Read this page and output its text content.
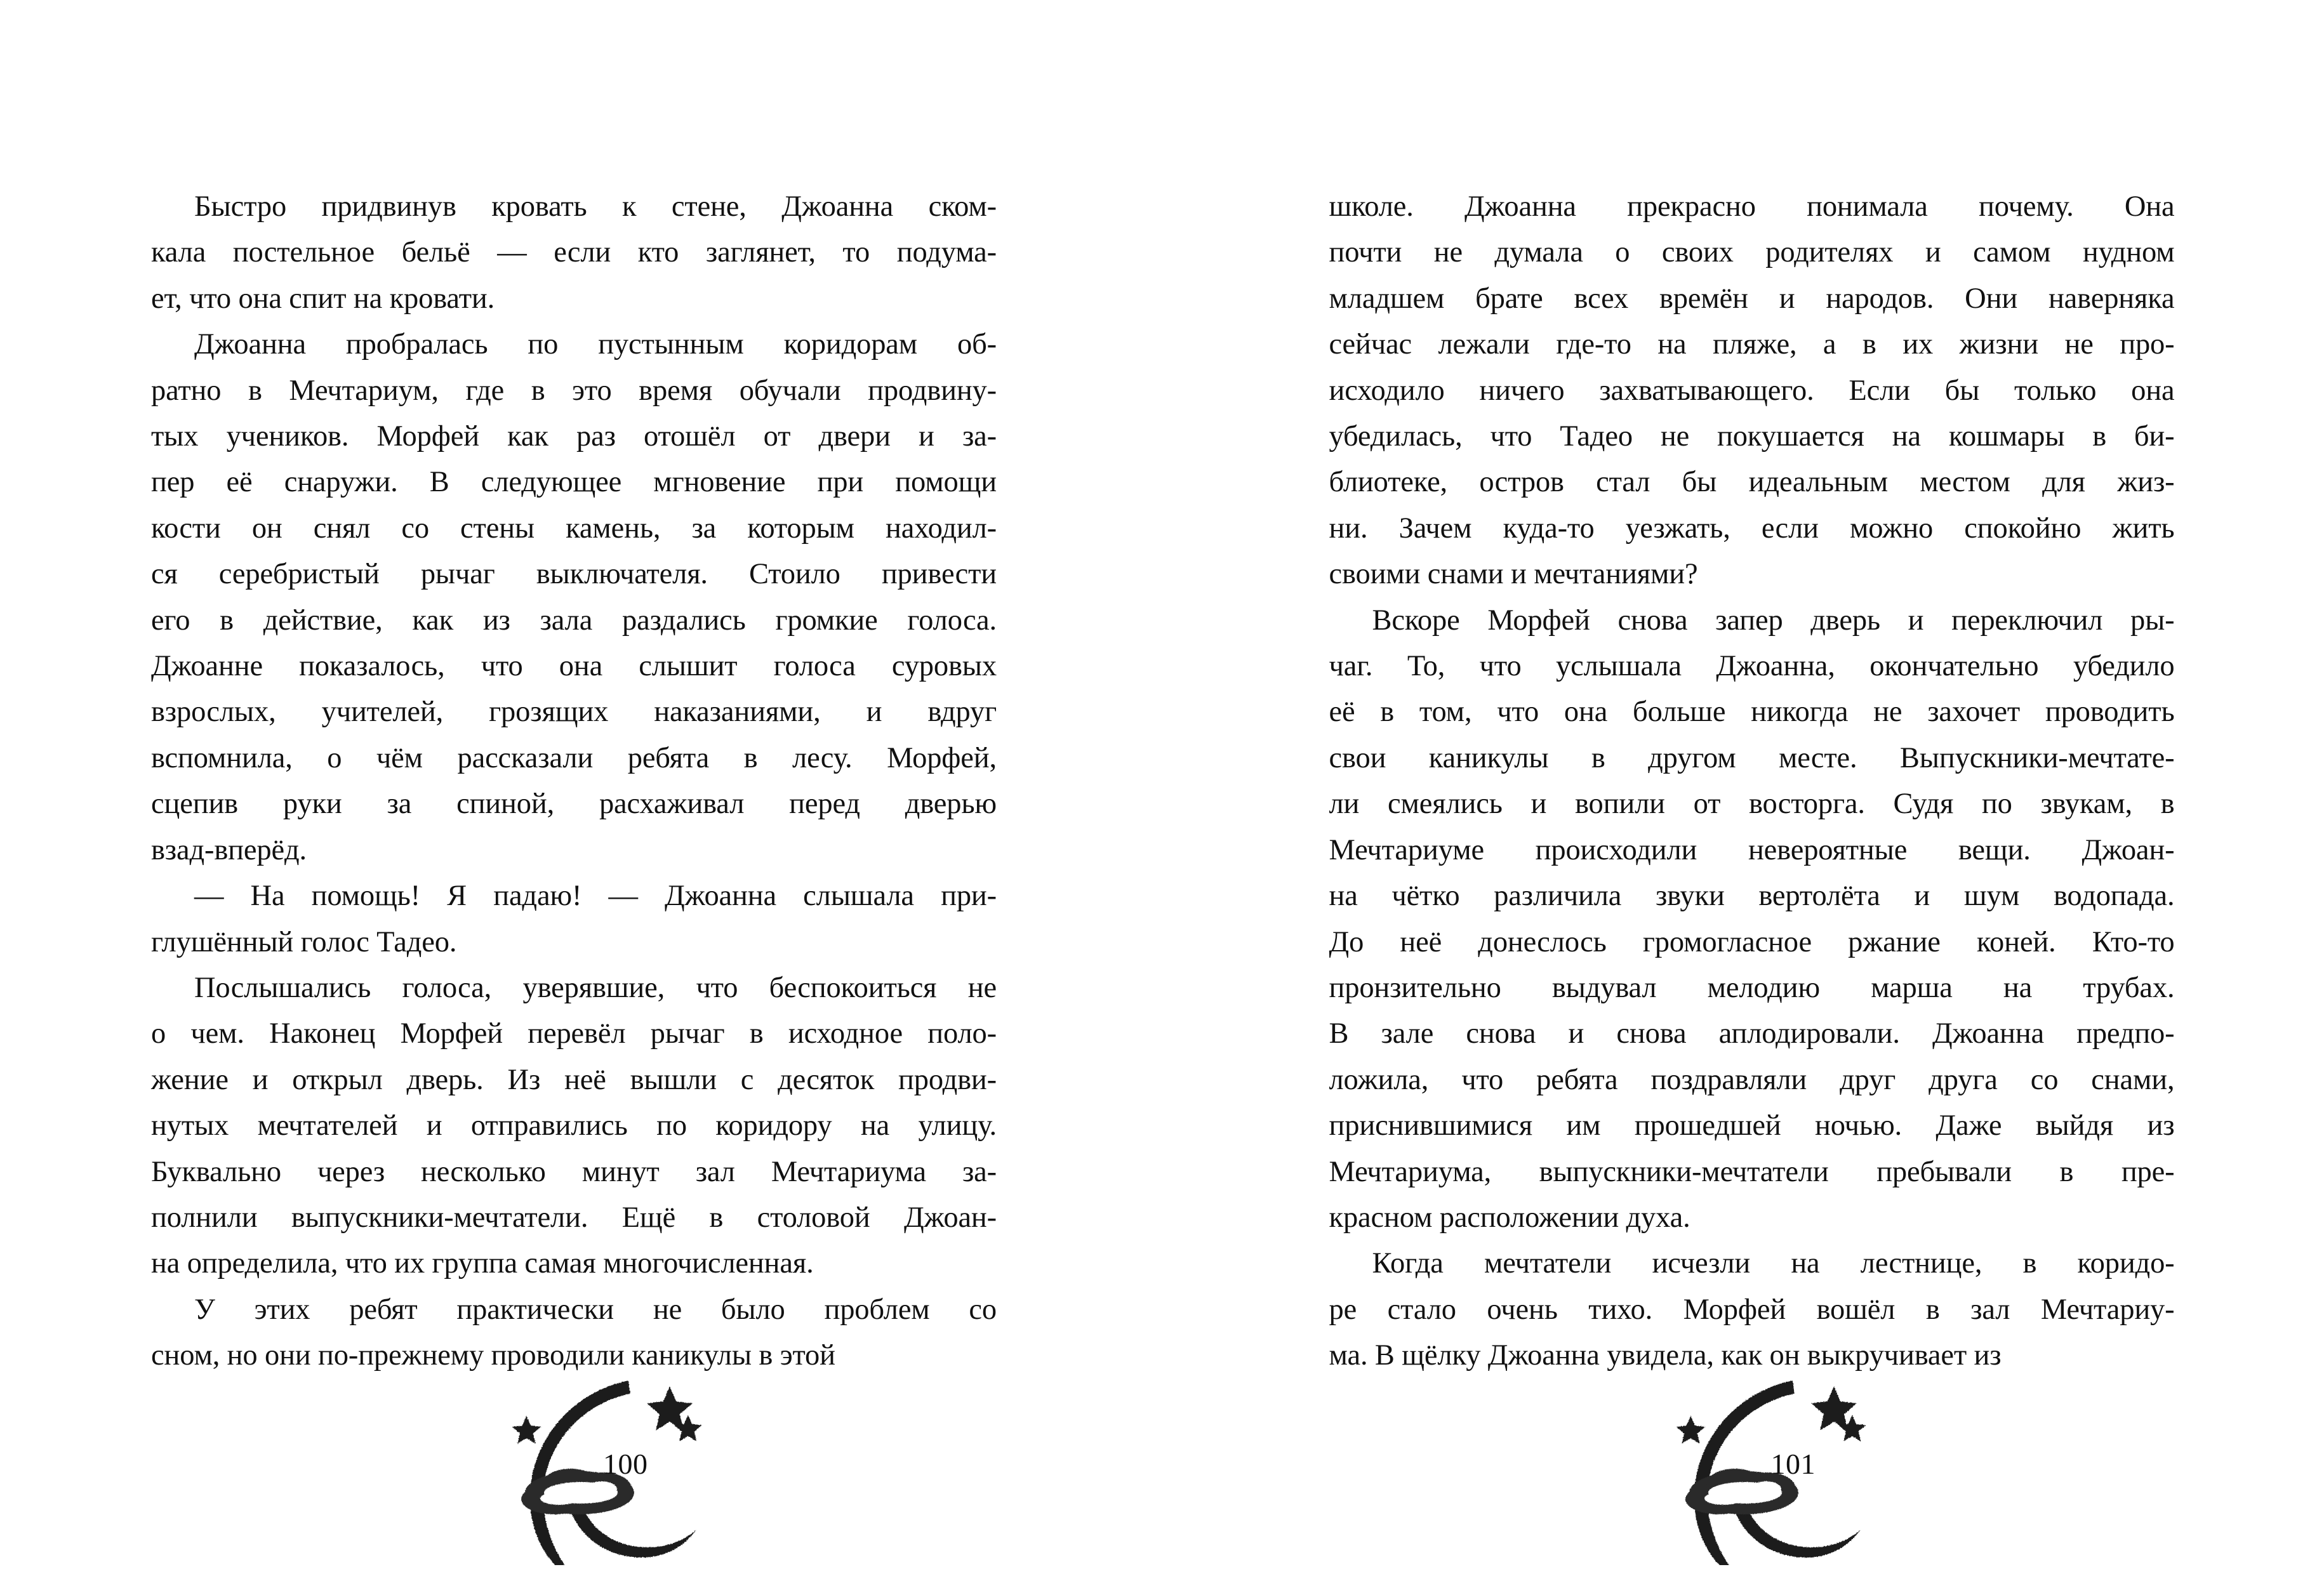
Быстро придвинув кровать к стене, Джоанна ском-
кала постельное бельё — если кто заглянет, то подума-
ет, что она спит на кровати.

Джоанна пробралась по пустынным коридорам об-
ратно в Мечтариум, где в это время обучали продвину-
тых учеников. Морфей как раз отошёл от двери и за-
пер её снаружи. В следующее мгновение при помощи
кости он снял со стены камень, за которым находил-
ся серебристый рычаг выключателя. Стоило привести
его в действие, как из зала раздались громкие голоса.
Джоанне показалось, что она слышит голоса суровых
взрослых, учителей, грозящих наказаниями, и вдруг
вспомнила, о чём рассказали ребята в лесу. Морфей,
сцепив руки за спиной, расхаживал перед дверью
взад-вперёд.

— На помощь! Я падаю! — Джоанна слышала при-
глушённый голос Тадео.

Послышались голоса, уверявшие, что беспокоиться не
о чем. Наконец Морфей перевёл рычаг в исходное поло-
жение и открыл дверь. Из неё вышли с десяток продви-
нутых мечтателей и отправились по коридору на улицу.
Буквально через несколько минут зал Мечтариума за-
полнили выпускники-мечтатели. Ещё в столовой Джоан-
на определила, что их группа самая многочисленная.

У этих ребят практически не было проблем со
сном, но они по-прежнему проводили каникулы в этой

100

школе. Джоанна прекрасно понимала почему. Она
почти не думала о своих родителях и самом нудном
младшем брате всех времён и народов. Они наверняка
сейчас лежали где-то на пляже, а в их жизни не про-
исходило ничего захватывающего. Если бы только она
убедилась, что Тадео не покушается на кошмары в би-
блиотеке, остров стал бы идеальным местом для жиз-
ни. Зачем куда-то уезжать, если можно спокойно жить
своими снами и мечтаниями?

Вскоре Морфей снова запер дверь и переключил ры-
чаг. То, что услышала Джоанна, окончательно убедило
её в том, что она больше никогда не захочет проводить
свои каникулы в другом месте. Выпускники-мечтате-
ли смеялись и вопили от восторга. Судя по звукам, в
Мечтариуме происходили невероятные вещи. Джоан-
на чётко различила звуки вертолёта и шум водопада.
До неё донеслось громогласное ржание коней. Кто-то
пронзительно выдувал мелодию марша на трубах.
В зале снова и снова аплодировали. Джоанна предпо-
ложила, что ребята поздравляли друг друга со снами,
приснившимися им прошедшей ночью. Даже выйдя из
Мечтариума, выпускники-мечтатели пребывали в пре-
красном расположении духа.

Когда мечтатели исчезли на лестнице, в коридо-
ре стало очень тихо. Морфей вошёл в зал Мечтариу-
ма. В щёлку Джоанна увидела, как он выкручивает из

101
